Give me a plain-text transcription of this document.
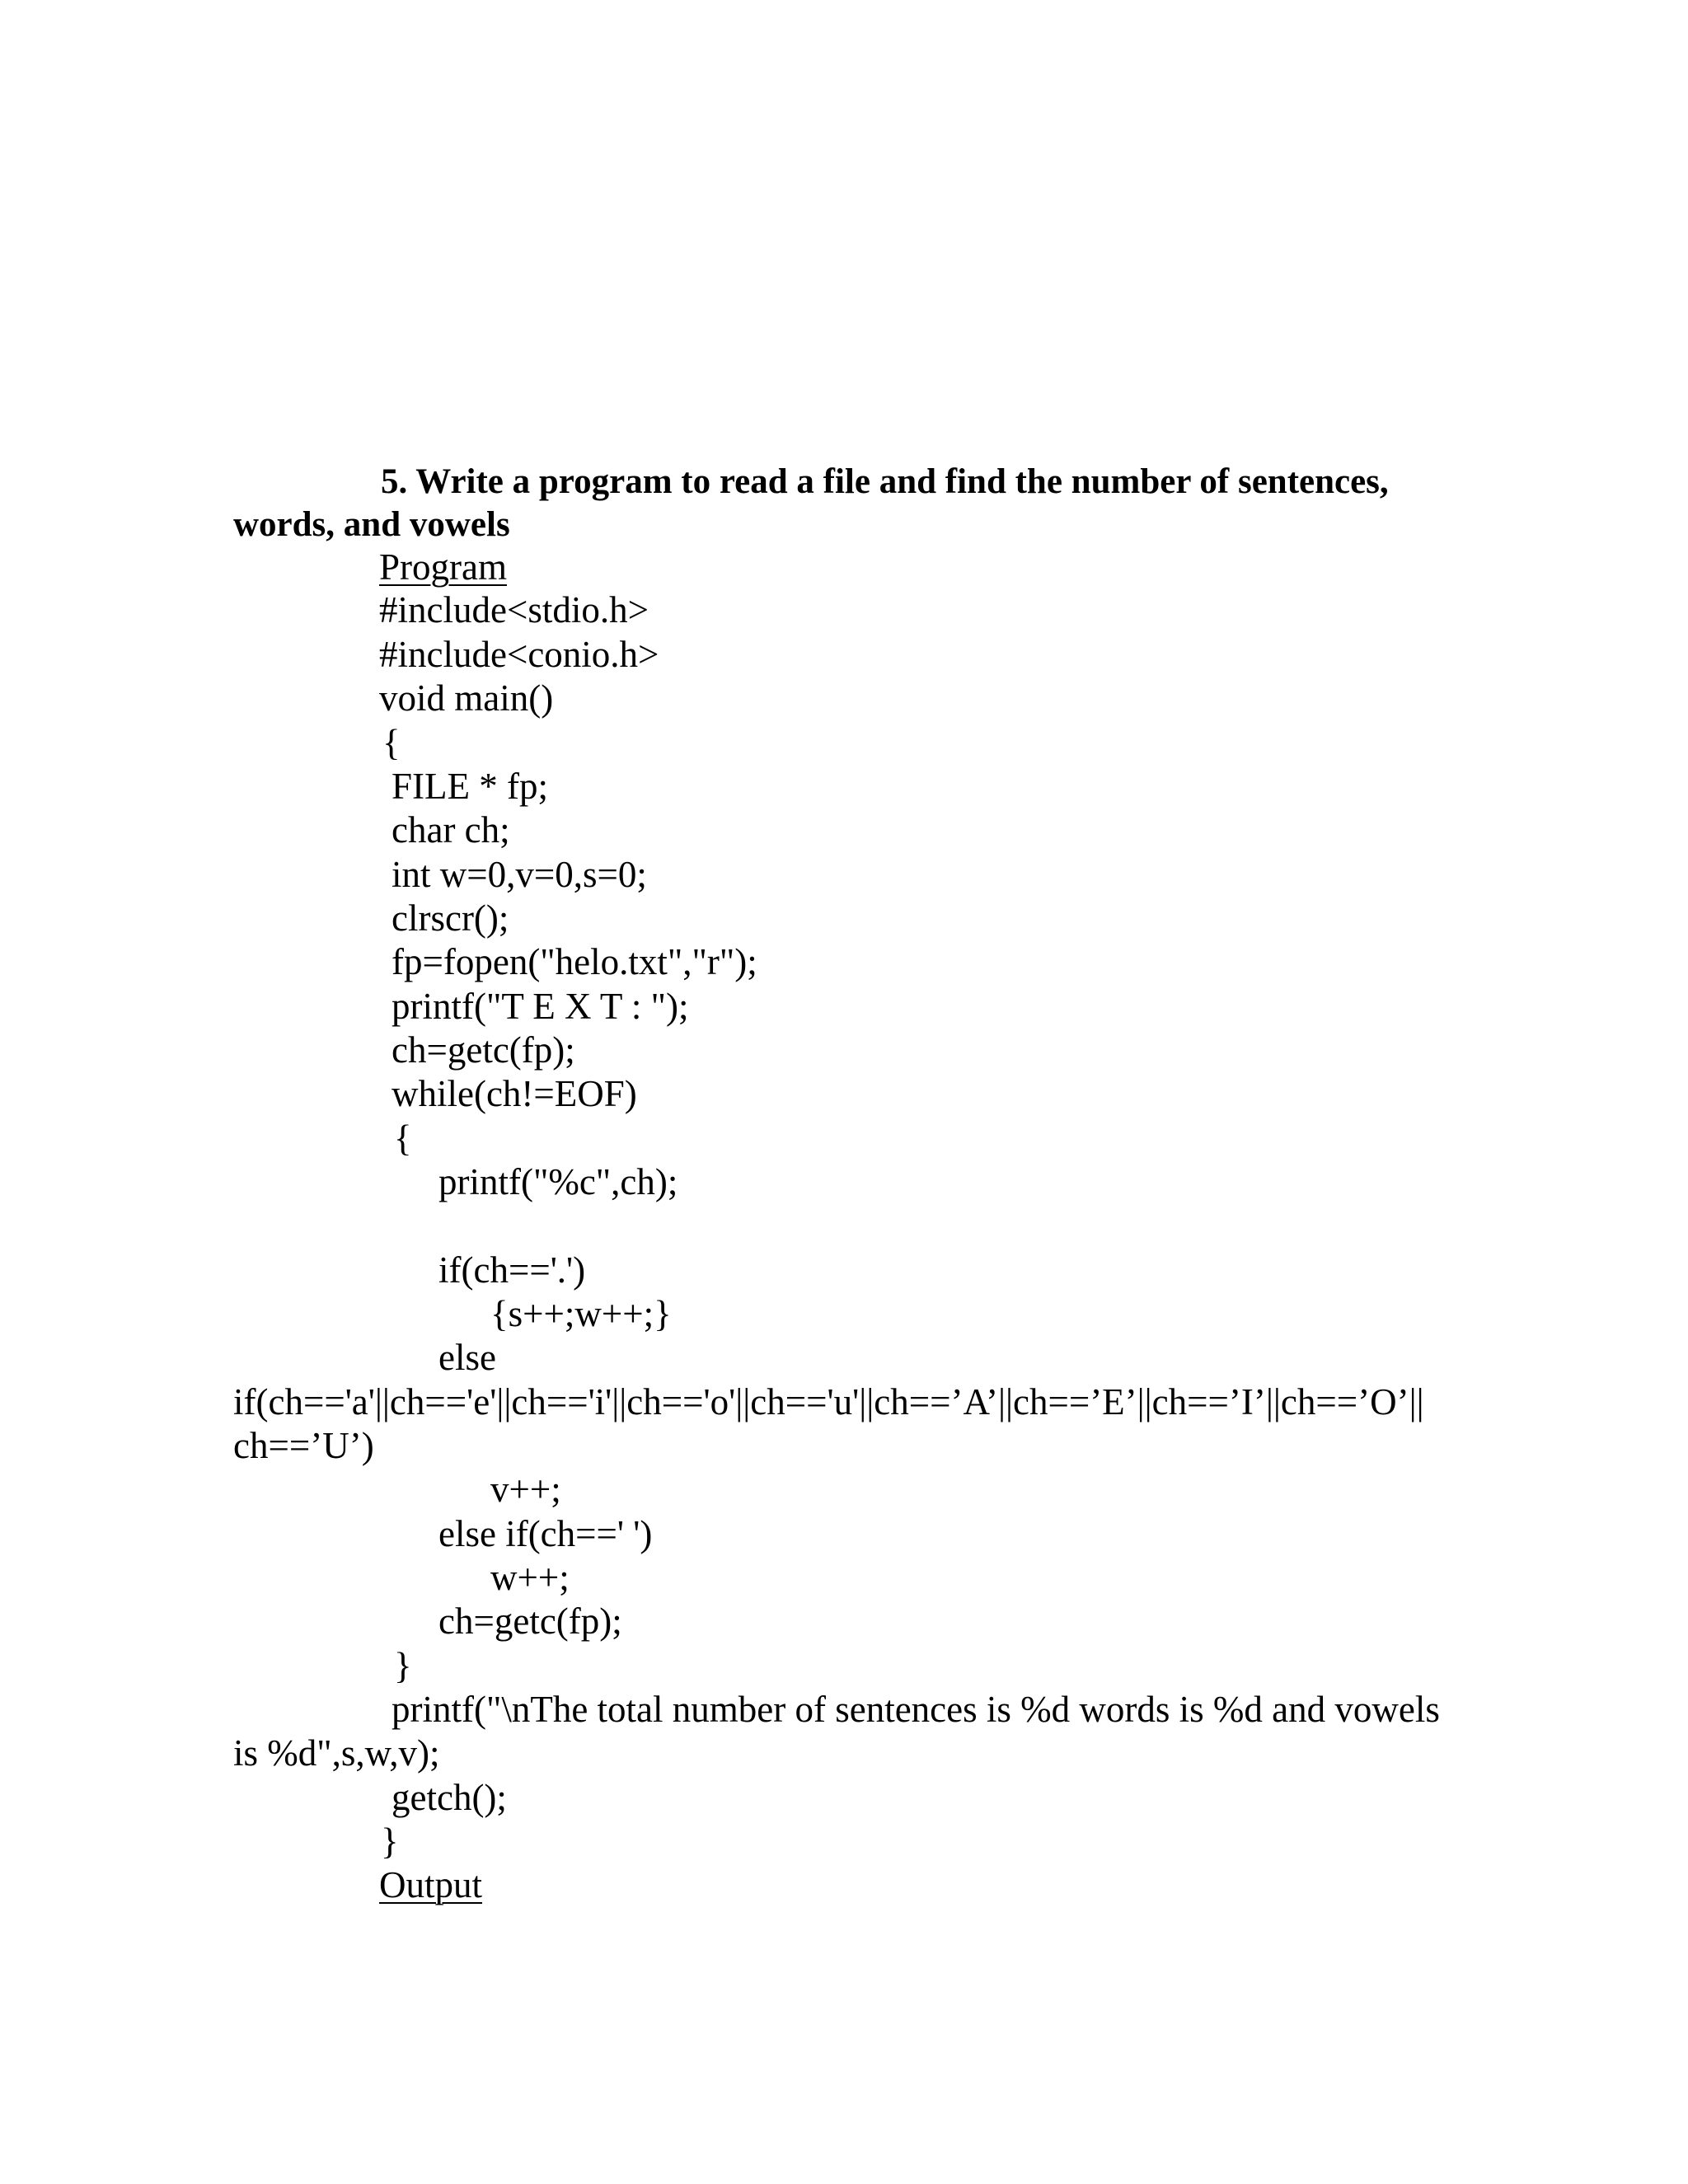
5. Write a program to read a file and find the number of sentences,
words, and vowels
Program
#include<stdio.h>
#include<conio.h>
void main()
{
FILE * fp;
char ch;
int w=0,v=0,s=0;
clrscr();
fp=fopen("helo.txt","r");
printf("T E X T : ");
ch=getc(fp);
while(ch!=EOF)
{
printf("%c",ch);
if(ch=='.')
{s++;w++;}
else
if(ch=='a'||ch=='e'||ch=='i'||ch=='o'||ch=='u'||ch==’A’||ch==’E’||ch==’I’||ch==’O’||
ch==’U’)
v++;
else if(ch==' ')
w++;
ch=getc(fp);
}
printf("\nThe total number of sentences is %d words is %d and vowels
is %d",s,w,v);
getch();
}
Output
